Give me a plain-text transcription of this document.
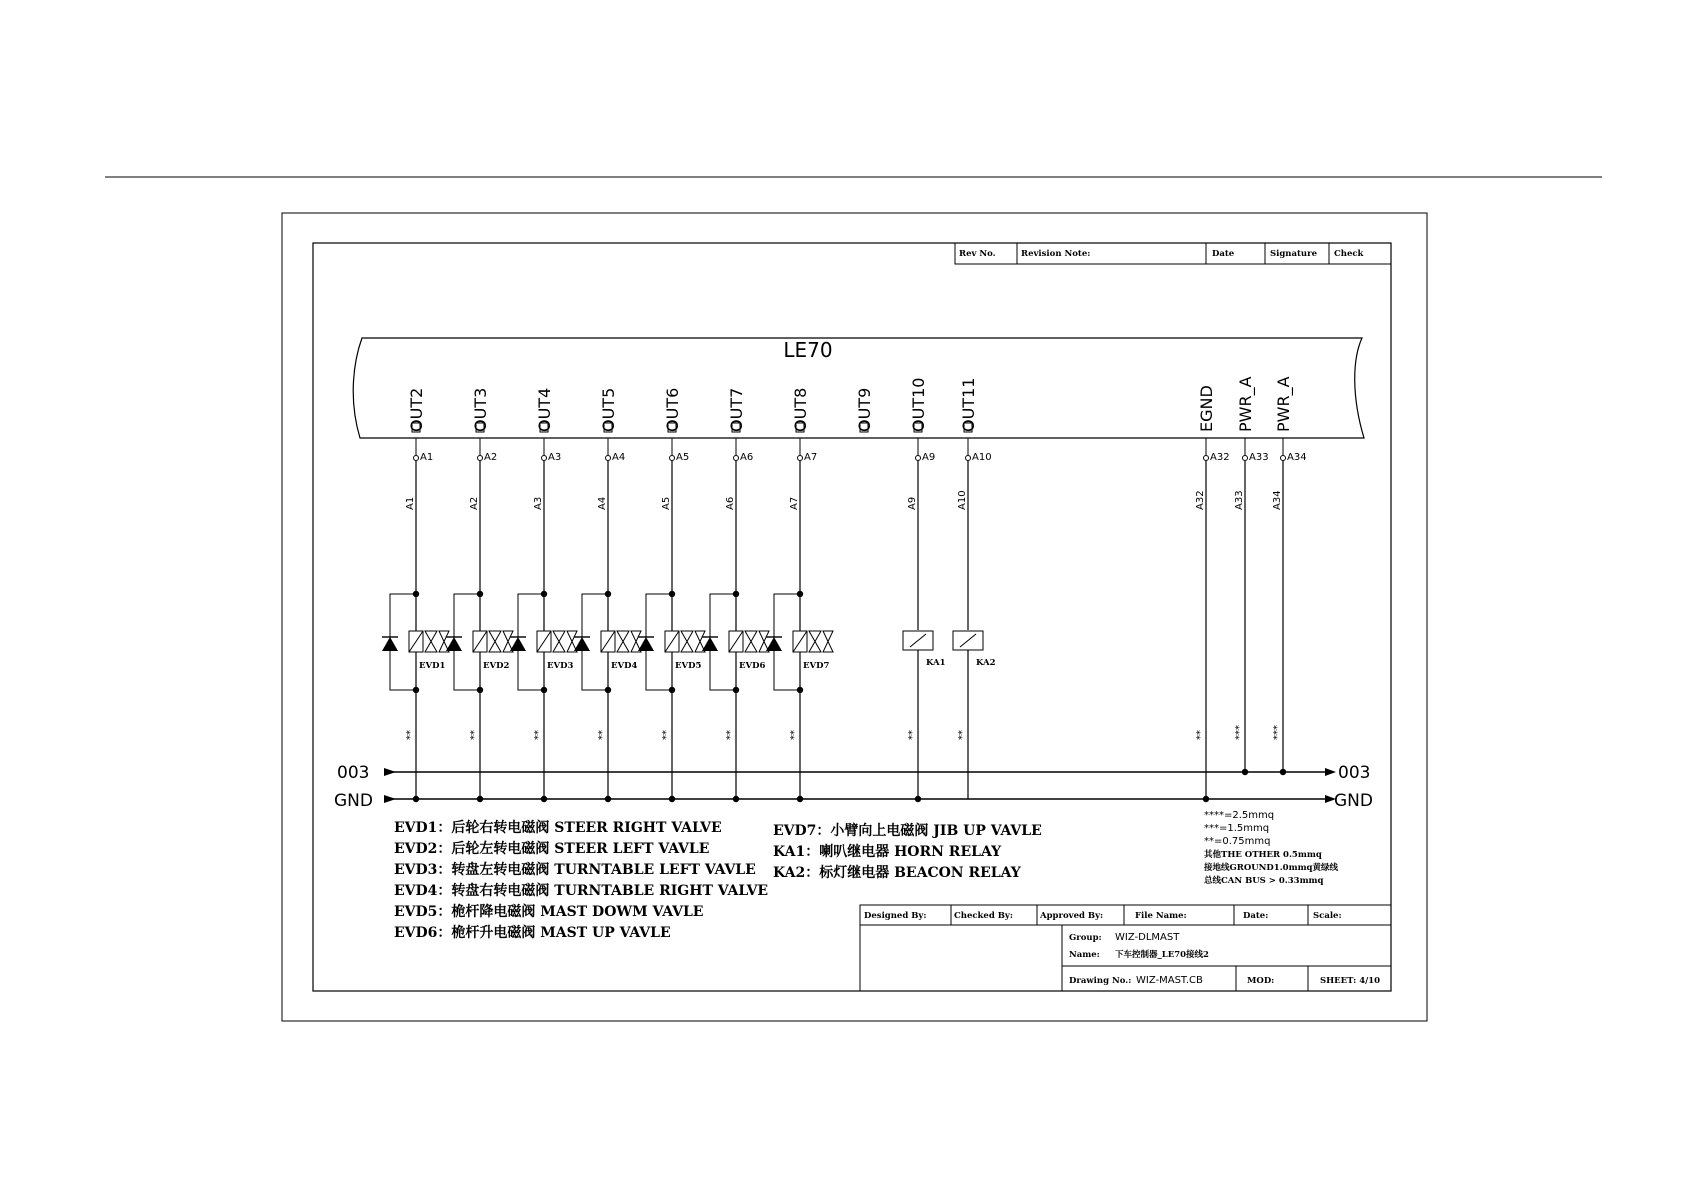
Rev No.	Revision Note:	Date	Signature Check
LE70
OUT2
A1
OUT3
A2
OUT4
A3
OUT5
A4
OUT6
A5
OUT7
A6
OUT8
A7
OUT9 OUT10
A9
OUT11
A10
EGND
A32
PWR_A
A33
PWR_A
A34
A32
**
A33
***
A34
***
A1
EVD1
**
A2
EVD2
**
A3
EVD3
**
A4
EVD4
**
A5
EVD5
**
A6
EVD6
**
A7
EVD7
**
A9
KA1
**
A10
KA2
**
003
GND
003
GND
EVD1：后轮右转电磁阀 STEER RIGHT VALVE
EVD2：后轮左转电磁阀 STEER LEFT VAVLE
EVD3：转盘左转电磁阀 TURNTABLE LEFT VAVLE
EVD4：转盘右转电磁阀 TURNTABLE RIGHT VALVE
EVD5：桅杆降电磁阀 MAST DOWM VAVLE
EVD6：桅杆升电磁阀 MAST UP VAVLE
EVD7：小臂向上电磁阀 JIB UP VAVLE
KA1：喇叭继电器 HORN RELAY
KA2：标灯继电器 BEACON RELAY
****=2.5mmq
***=1.5mmq
**=0.75mmq
其他THE OTHER 0.5mmq
接地线GROUND1.0mmq黄绿线
总线CAN BUS > 0.33mmq
Designed By:	Checked By:	Approved By:	File Name:	Date:	Scale:
Group: WIZ-DLMAST
Name: 下车控制器_LE70接线2
Drawing No.: WIZ-MAST.CB	MOD:	SHEET: 4/10
